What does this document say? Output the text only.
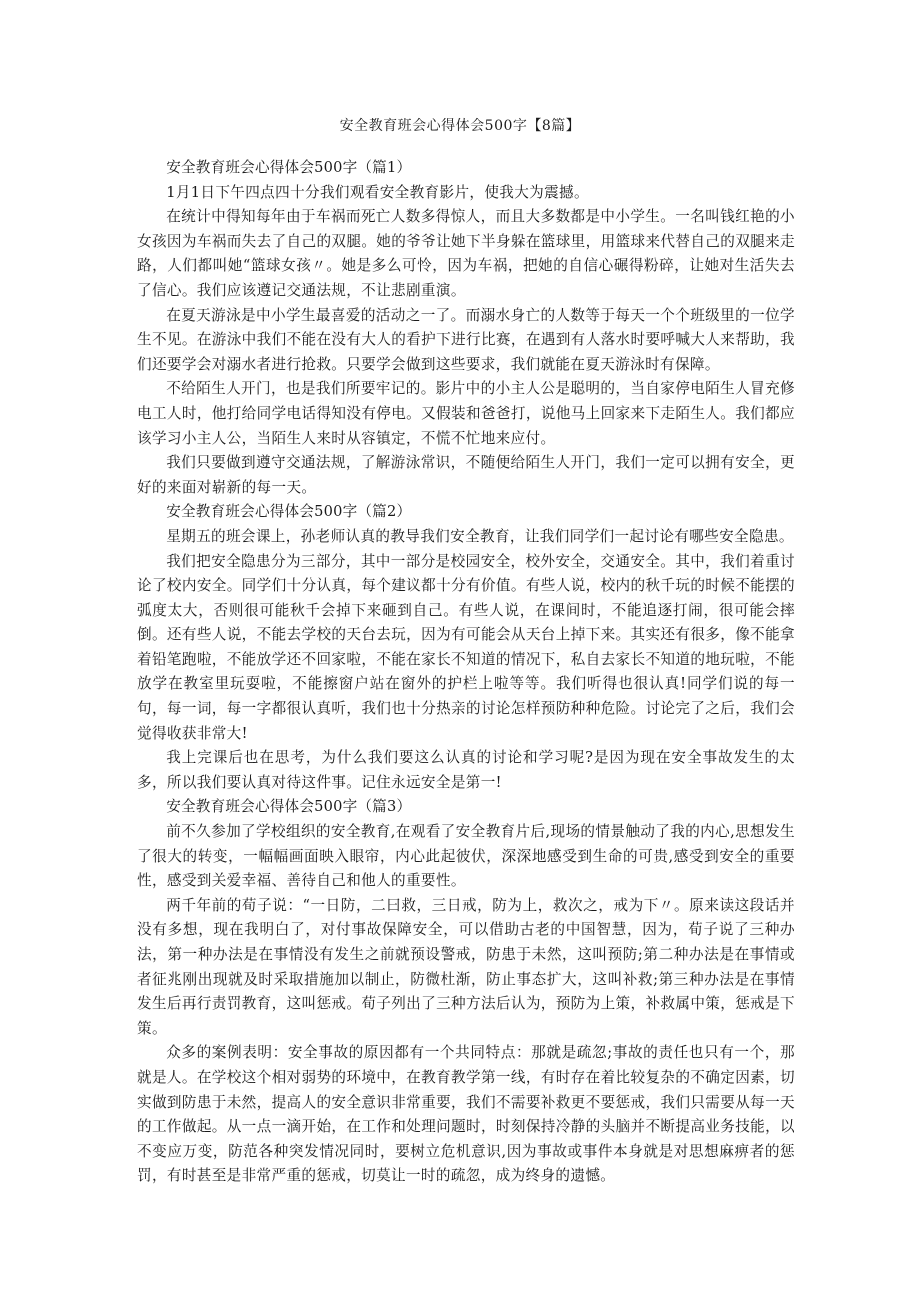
安全教育班会心得体会500字【8篇】

安全教育班会心得体会500字（篇1）

1月1日下午四点四十分我们观看安全教育影片，使我大为震撼。

在统计中得知每年由于车祸而死亡人数多得惊人，而且大多数都是中小学生。一名叫钱红艳的小女孩因为车祸而失去了自己的双腿。她的爷爷让她下半身躲在篮球里，用篮球来代替自己的双腿来走路，人们都叫她“篮球女孩〃。她是多么可怜，因为车祸，把她的自信心碾得粉碎，让她对生活失去了信心。我们应该遵记交通法规，不让悲剧重演。

在夏天游泳是中小学生最喜爱的活动之一了。而溺水身亡的人数等于每天一个个班级里的一位学生不见。在游泳中我们不能在没有大人的看护下进行比赛，在遇到有人落水时要呼喊大人来帮助，我们还要学会对溺水者进行抢救。只要学会做到这些要求，我们就能在夏天游泳时有保障。

不给陌生人开门，也是我们所要牢记的。影片中的小主人公是聪明的，当自家停电陌生人冒充修电工人时，他打给同学电话得知没有停电。又假装和爸爸打，说他马上回家来下走陌生人。我们都应该学习小主人公，当陌生人来时从容镇定，不慌不忙地来应付。

我们只要做到遵守交通法规，了解游泳常识，不随便给陌生人开门，我们一定可以拥有安全，更好的来面对崭新的每一天。

安全教育班会心得体会500字（篇2）

星期五的班会课上，孙老师认真的教导我们安全教育，让我们同学们一起讨论有哪些安全隐患。

我们把安全隐患分为三部分，其中一部分是校园安全，校外安全，交通安全。其中，我们着重讨论了校内安全。同学们十分认真，每个建议都十分有价值。有些人说，校内的秋千玩的时候不能摆的弧度太大，否则很可能秋千会掉下来砸到自己。有些人说，在课间时，不能追逐打闹，很可能会摔倒。还有些人说，不能去学校的天台去玩，因为有可能会从天台上掉下来。其实还有很多，像不能拿着铅笔跑啦，不能放学还不回家啦，不能在家长不知道的情况下，私自去家长不知道的地玩啦，不能放学在教室里玩耍啦，不能擦窗户站在窗外的护栏上啦等等。我们听得也很认真!同学们说的每一句，每一词，每一字都很认真听，我们也十分热亲的讨论怎样预防种种危险。讨论完了之后，我们会觉得收获非常大!

我上完课后也在思考，为什么我们要这么认真的讨论和学习呢?是因为现在安全事故发生的太多，所以我们要认真对待这件事。记住永远安全是第一!

安全教育班会心得体会500字（篇3）

前不久参加了学校组织的安全教育,在观看了安全教育片后,现场的情景触动了我的内心,思想发生了很大的转变，一幅幅画面映入眼帘，内心此起彼伏，深深地感受到生命的可贵,感受到安全的重要性，感受到关爱幸福、善待自己和他人的重要性。

两千年前的荀子说：“一日防，二曰救，三日戒，防为上，救次之，戒为下〃。原来读这段话并没有多想，现在我明白了，对付事故保障安全，可以借助古老的中国智慧，因为，荀子说了三种办法，第一种办法是在事情没有发生之前就预设警戒，防患于未然，这叫预防;第二种办法是在事情或者征兆刚出现就及时采取措施加以制止，防微杜渐，防止事态扩大，这叫补救;第三种办法是在事情发生后再行责罚教育，这叫惩戒。荀子列出了三种方法后认为，预防为上策，补救属中策，惩戒是下策。

众多的案例表明：安全事故的原因都有一个共同特点：那就是疏忽;事故的责任也只有一个，那就是人。在学校这个相对弱势的环境中，在教育教学第一线，有时存在着比较复杂的不确定因素，切实做到防患于未然，提高人的安全意识非常重要，我们不需要补救更不要惩戒，我们只需要从每一天的工作做起。从一点一滴开始，在工作和处理问题时，时刻保持冷静的头脑并不断提高业务技能，以不变应万变，防范各种突发情况同时，要树立危机意识,因为事故或事件本身就是对思想麻痹者的惩罚，有时甚至是非常严重的惩戒，切莫让一时的疏忽，成为终身的遗憾。
